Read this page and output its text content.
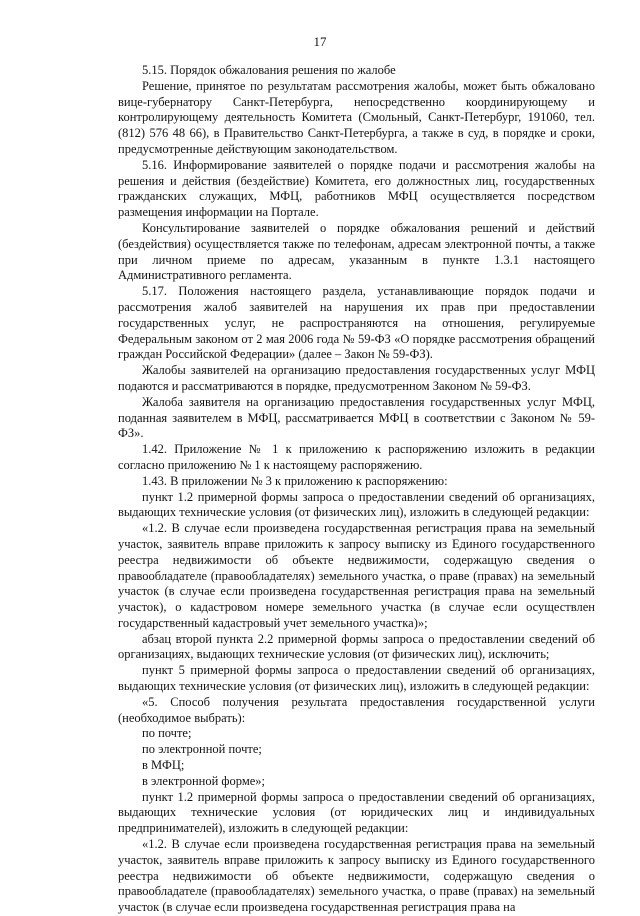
17

5.15. Порядок обжалования решения по жалобе

Решение, принятое по результатам рассмотрения жалобы, может быть обжаловано вице-губернатору Санкт-Петербурга, непосредственно координирующему и контролирующему деятельность Комитета (Смольный, Санкт-Петербург, 191060, тел. (812) 576 48 66), в Правительство Санкт-Петербурга, а также в суд, в порядке и сроки, предусмотренные действующим законодательством.

5.16. Информирование заявителей о порядке подачи и рассмотрения жалобы на решения и действия (бездействие) Комитета, его должностных лиц, государственных гражданских служащих, МФЦ, работников МФЦ осуществляется посредством размещения информации на Портале.

Консультирование заявителей о порядке обжалования решений и действий (бездействия) осуществляется также по телефонам, адресам электронной почты, а также при личном приеме по адресам, указанным в пункте 1.3.1 настоящего Административного регламента.

5.17. Положения настоящего раздела, устанавливающие порядок подачи и рассмотрения жалоб заявителей на нарушения их прав при предоставлении государственных услуг, не распространяются на отношения, регулируемые Федеральным законом от 2 мая 2006 года № 59-ФЗ «О порядке рассмотрения обращений граждан Российской Федерации» (далее – Закон № 59-ФЗ).

Жалобы заявителей на организацию предоставления государственных услуг МФЦ подаются и рассматриваются в порядке, предусмотренном Законом № 59-ФЗ.

Жалоба заявителя на организацию предоставления государственных услуг МФЦ, поданная заявителем в МФЦ, рассматривается МФЦ в соответствии с Законом № 59-ФЗ».

1.42. Приложение № 1 к приложению к распоряжению изложить в редакции согласно приложению № 1 к настоящему распоряжению.

1.43. В приложении № 3 к приложению к распоряжению:

пункт 1.2 примерной формы запроса о предоставлении сведений об организациях, выдающих технические условия (от физических лиц), изложить в следующей редакции:

«1.2. В случае если произведена государственная регистрация права на земельный участок, заявитель вправе приложить к запросу выписку из Единого государственного реестра недвижимости об объекте недвижимости, содержащую сведения о правообладателе (правообладателях) земельного участка, о праве (правах) на земельный участок (в случае если произведена государственная регистрация права на земельный участок), о кадастровом номере земельного участка (в случае если осуществлен государственный кадастровый учет земельного участка)»;

абзац второй пункта 2.2 примерной формы запроса о предоставлении сведений об организациях, выдающих технические условия (от физических лиц), исключить;

пункт 5 примерной формы запроса о предоставлении сведений об организациях, выдающих технические условия (от физических лиц), изложить в следующей редакции:

«5. Способ получения результата предоставления государственной услуги (необходимое выбрать):

по почте;

по электронной почте;

в МФЦ;

в электронной форме»;

пункт 1.2 примерной формы запроса о предоставлении сведений об организациях, выдающих технические условия (от юридических лиц и индивидуальных предпринимателей), изложить в следующей редакции:

«1.2. В случае если произведена государственная регистрация права на земельный участок, заявитель вправе приложить к запросу выписку из Единого государственного реестра недвижимости об объекте недвижимости, содержащую сведения о правообладателе (правообладателях) земельного участка, о праве (правах) на земельный участок (в случае если произведена государственная регистрация права на
